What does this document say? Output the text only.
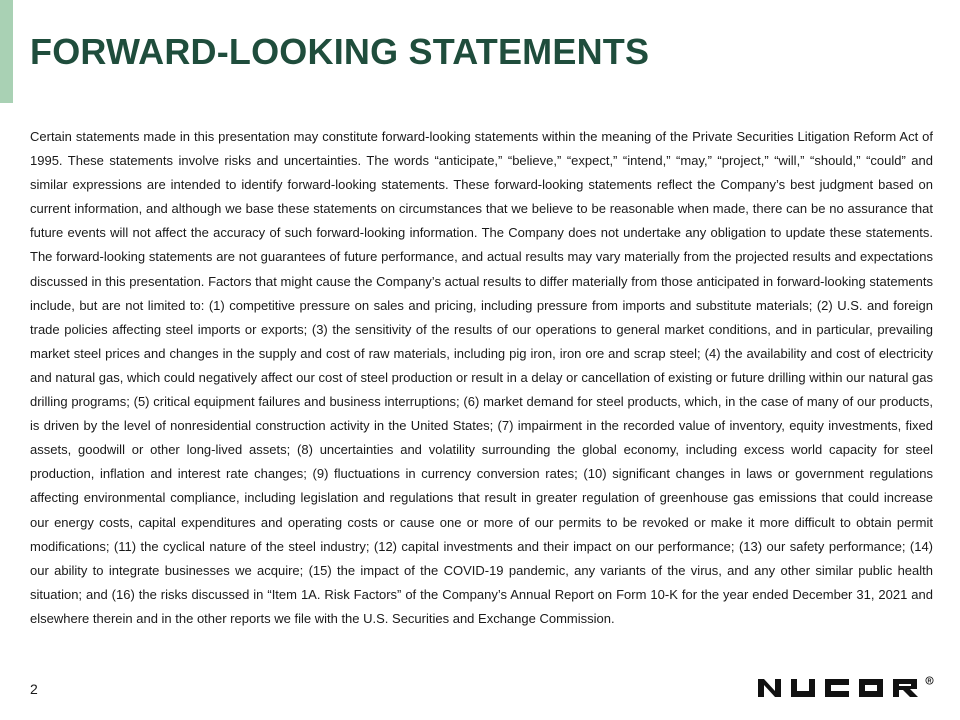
FORWARD-LOOKING STATEMENTS

Certain statements made in this presentation may constitute forward-looking statements within the meaning of the Private Securities Litigation Reform Act of 1995. These statements involve risks and uncertainties. The words “anticipate,” “believe,” “expect,” “intend,” “may,” “project,” “will,” “should,” “could” and similar expressions are intended to identify forward-looking statements. These forward-looking statements reflect the Company’s best judgment based on current information, and although we base these statements on circumstances that we believe to be reasonable when made, there can be no assurance that future events will not affect the accuracy of such forward-looking information. The Company does not undertake any obligation to update these statements. The forward-looking statements are not guarantees of future performance, and actual results may vary materially from the projected results and expectations discussed in this presentation. Factors that might cause the Company’s actual results to differ materially from those anticipated in forward-looking statements include, but are not limited to: (1) competitive pressure on sales and pricing, including pressure from imports and substitute materials; (2) U.S. and foreign trade policies affecting steel imports or exports; (3) the sensitivity of the results of our operations to general market conditions, and in particular, prevailing market steel prices and changes in the supply and cost of raw materials, including pig iron, iron ore and scrap steel; (4) the availability and cost of electricity and natural gas, which could negatively affect our cost of steel production or result in a delay or cancellation of existing or future drilling within our natural gas drilling programs; (5) critical equipment failures and business interruptions; (6) market demand for steel products, which, in the case of many of our products, is driven by the level of nonresidential construction activity in the United States; (7) impairment in the recorded value of inventory, equity investments, fixed assets, goodwill or other long-lived assets; (8) uncertainties and volatility surrounding the global economy, including excess world capacity for steel production, inflation and interest rate changes; (9) fluctuations in currency conversion rates; (10) significant changes in laws or government regulations affecting environmental compliance, including legislation and regulations that result in greater regulation of greenhouse gas emissions that could increase our energy costs, capital expenditures and operating costs or cause one or more of our permits to be revoked or make it more difficult to obtain permit modifications; (11) the cyclical nature of the steel industry; (12) capital investments and their impact on our performance; (13) our safety performance; (14) our ability to integrate businesses we acquire; (15) the impact of the COVID-19 pandemic, any variants of the virus, and any other similar public health situation; and (16) the risks discussed in “Item 1A. Risk Factors” of the Company’s Annual Report on Form 10-K for the year ended December 31, 2021 and elsewhere therein and in the other reports we file with the U.S. Securities and Exchange Commission.

2	R
